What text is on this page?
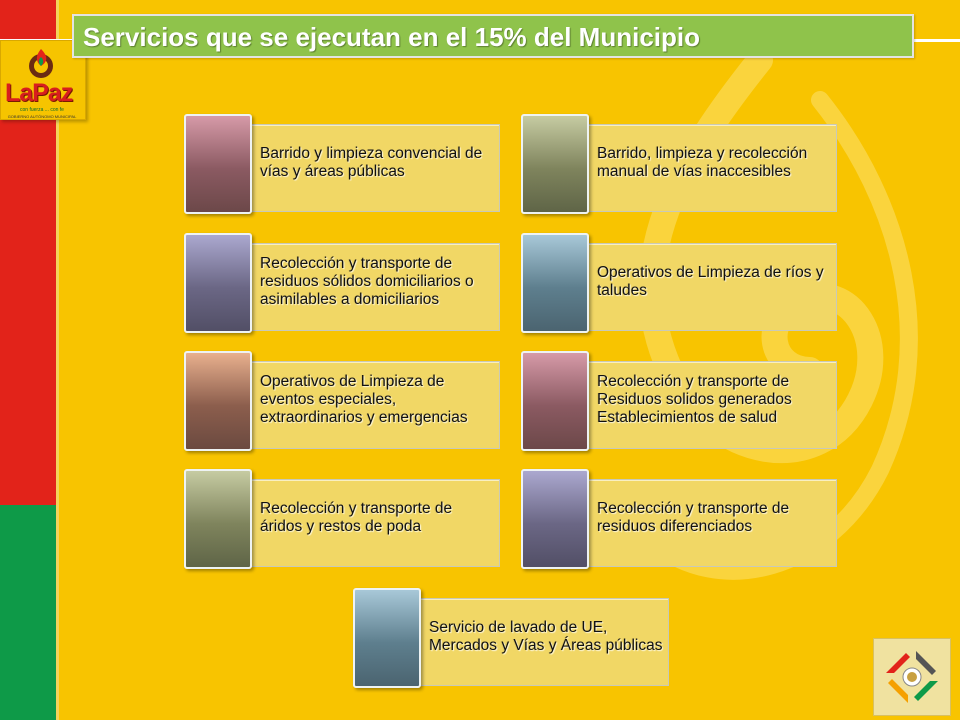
LaPaz
con fuerza ... con fe
GOBIERNO AUTÓNOMO MUNICIPAL
Servicios que se ejecutan en el 15% del Municipio
Barrido y limpieza convencial de vías y áreas públicas
Barrido, limpieza y recolección manual de vías inaccesibles
Recolección y transporte de residuos sólidos domiciliarios o asimilables a domiciliarios
Operativos de Limpieza de ríos y taludes
Operativos de Limpieza de eventos especiales, extraordinarios y emergencias
Recolección y transporte de Residuos solidos generados Establecimientos de salud
Recolección y transporte de áridos y restos de poda
Recolección y transporte de residuos diferenciados
Servicio de lavado de UE, Mercados y Vías y Áreas públicas
